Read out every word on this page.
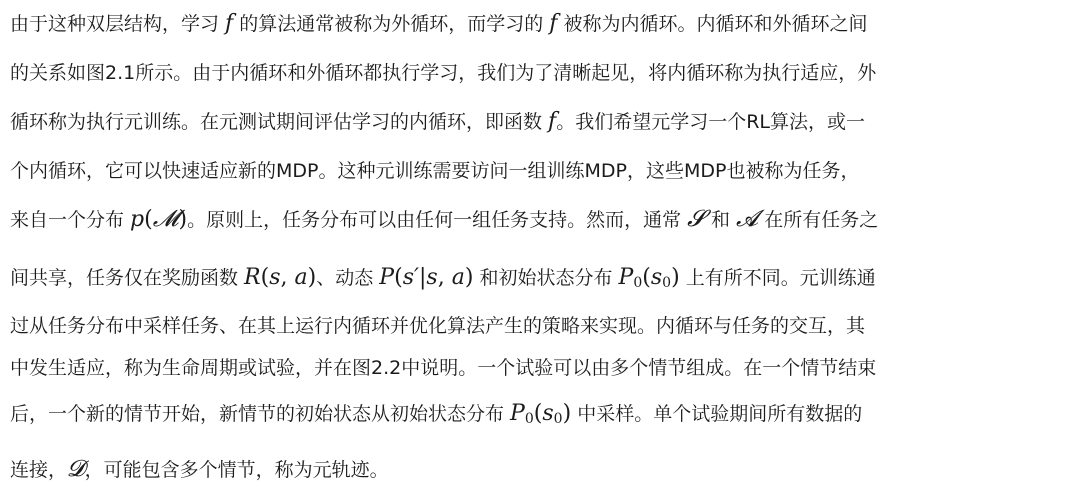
由于这种双层结构，学习 f 的算法通常被称为外循环，而学习的 f 被称为内循环。内循环和外循环之间
的关系如图2.1所示。由于内循环和外循环都执行学习，我们为了清晰起见，将内循环称为执行适应，外
循环称为执行元训练。在元测试期间评估学习的内循环，即函数 f。我们希望元学习一个RL算法，或一
个内循环，它可以快速适应新的MDP。这种元训练需要访问一组训练MDP，这些MDP也被称为任务，
来自一个分布 p(𝓜)。原则上，任务分布可以由任何一组任务支持。然而，通常 𝓢 和 𝓐 在所有任务之
间共享，任务仅在奖励函数 R(s, a)、动态 P(s′|s, a) 和初始状态分布 $P_0(s_0)$ 上有所不同。元训练通
过从任务分布中采样任务、在其上运行内循环并优化算法产生的策略来实现。内循环与任务的交互，其
中发生适应，称为生命周期或试验，并在图2.2中说明。一个试验可以由多个情节组成。在一个情节结束
后，一个新的情节开始，新情节的初始状态从初始状态分布 $P_0(s_0)$ 中采样。单个试验期间所有数据的
连接，𝓓，可能包含多个情节，称为元轨迹。
